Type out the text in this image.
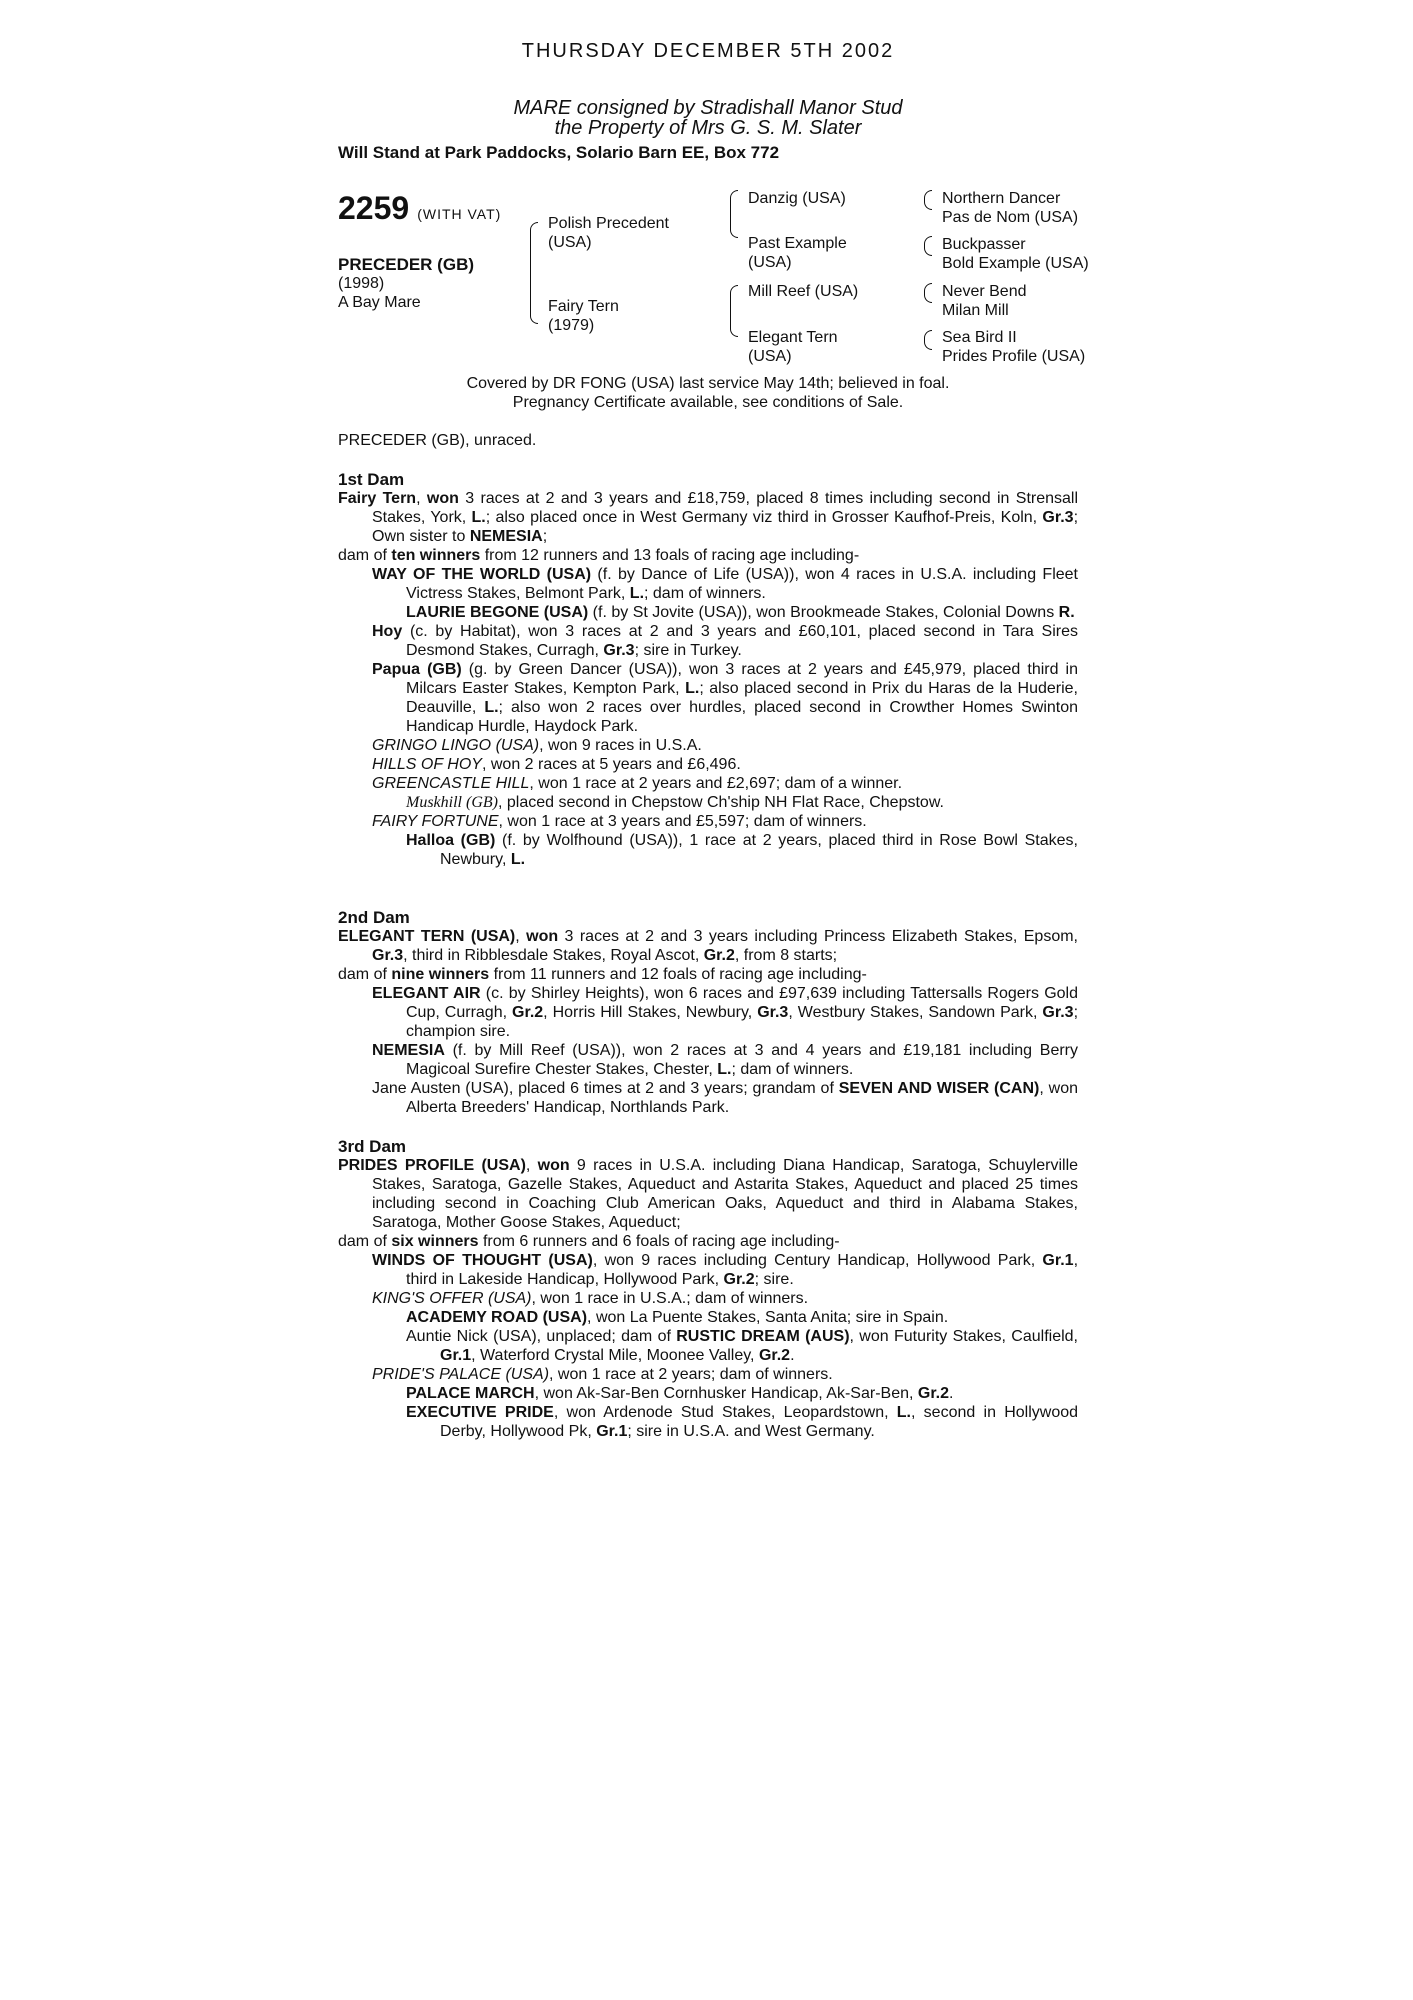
THURSDAY DECEMBER 5TH 2002
MARE consigned by Stradishall Manor Stud
the Property of Mrs G. S. M. Slater
Will Stand at Park Paddocks, Solario Barn EE, Box 772
2259 (WITH VAT)
PRECEDER (GB)
(1998)
A Bay Mare
Polish Precedent
(USA)
Fairy Tern
(1979)
Danzig (USA)
Past Example
(USA)
Mill Reef (USA)
Elegant Tern
(USA)
Northern Dancer
Pas de Nom (USA)
Buckpasser
Bold Example (USA)
Never Bend
Milan Mill
Sea Bird II
Prides Profile (USA)
Covered by DR FONG (USA) last service May 14th; believed in foal.
Pregnancy Certificate available, see conditions of Sale.
PRECEDER (GB), unraced.
1st Dam

Fairy Tern, won 3 races at 2 and 3 years and £18,759, placed 8 times including second in Strensall Stakes, York, L.; also placed once in West Germany viz third in Grosser Kaufhof-Preis, Koln, Gr.3; Own sister to NEMESIA;

dam of ten winners from 12 runners and 13 foals of racing age including-

WAY OF THE WORLD (USA) (f. by Dance of Life (USA)), won 4 races in U.S.A. including Fleet Victress Stakes, Belmont Park, L.; dam of winners.

LAURIE BEGONE (USA) (f. by St Jovite (USA)), won Brookmeade Stakes, Colonial Downs R.

Hoy (c. by Habitat), won 3 races at 2 and 3 years and £60,101, placed second in Tara Sires Desmond Stakes, Curragh, Gr.3; sire in Turkey.

Papua (GB) (g. by Green Dancer (USA)), won 3 races at 2 years and £45,979, placed third in Milcars Easter Stakes, Kempton Park, L.; also placed second in Prix du Haras de la Huderie, Deauville, L.; also won 2 races over hurdles, placed second in Crowther Homes Swinton Handicap Hurdle, Haydock Park.

GRINGO LINGO (USA), won 9 races in U.S.A.

HILLS OF HOY, won 2 races at 5 years and £6,496.

GREENCASTLE HILL, won 1 race at 2 years and £2,697; dam of a winner.

Muskhill (GB), placed second in Chepstow Ch'ship NH Flat Race, Chepstow.

FAIRY FORTUNE, won 1 race at 3 years and £5,597; dam of winners.

Halloa (GB) (f. by Wolfhound (USA)), 1 race at 2 years, placed third in Rose Bowl Stakes, Newbury, L.

2nd Dam

ELEGANT TERN (USA), won 3 races at 2 and 3 years including Princess Elizabeth Stakes, Epsom, Gr.3, third in Ribblesdale Stakes, Royal Ascot, Gr.2, from 8 starts;

dam of nine winners from 11 runners and 12 foals of racing age including-

ELEGANT AIR (c. by Shirley Heights), won 6 races and £97,639 including Tattersalls Rogers Gold Cup, Curragh, Gr.2, Horris Hill Stakes, Newbury, Gr.3, Westbury Stakes, Sandown Park, Gr.3; champion sire.

NEMESIA (f. by Mill Reef (USA)), won 2 races at 3 and 4 years and £19,181 including Berry Magicoal Surefire Chester Stakes, Chester, L.; dam of winners.

Jane Austen (USA), placed 6 times at 2 and 3 years; grandam of SEVEN AND WISER (CAN), won Alberta Breeders' Handicap, Northlands Park.

3rd Dam

PRIDES PROFILE (USA), won 9 races in U.S.A. including Diana Handicap, Saratoga, Schuylerville Stakes, Saratoga, Gazelle Stakes, Aqueduct and Astarita Stakes, Aqueduct and placed 25 times including second in Coaching Club American Oaks, Aqueduct and third in Alabama Stakes, Saratoga, Mother Goose Stakes, Aqueduct;

dam of six winners from 6 runners and 6 foals of racing age including-

WINDS OF THOUGHT (USA), won 9 races including Century Handicap, Hollywood Park, Gr.1, third in Lakeside Handicap, Hollywood Park, Gr.2; sire.

KING'S OFFER (USA), won 1 race in U.S.A.; dam of winners.

ACADEMY ROAD (USA), won La Puente Stakes, Santa Anita; sire in Spain.

Auntie Nick (USA), unplaced; dam of RUSTIC DREAM (AUS), won Futurity Stakes, Caulfield, Gr.1, Waterford Crystal Mile, Moonee Valley, Gr.2.

PRIDE'S PALACE (USA), won 1 race at 2 years; dam of winners.

PALACE MARCH, won Ak-Sar-Ben Cornhusker Handicap, Ak-Sar-Ben, Gr.2.

EXECUTIVE PRIDE, won Ardenode Stud Stakes, Leopardstown, L., second in Hollywood Derby, Hollywood Pk, Gr.1; sire in U.S.A. and West Germany.
